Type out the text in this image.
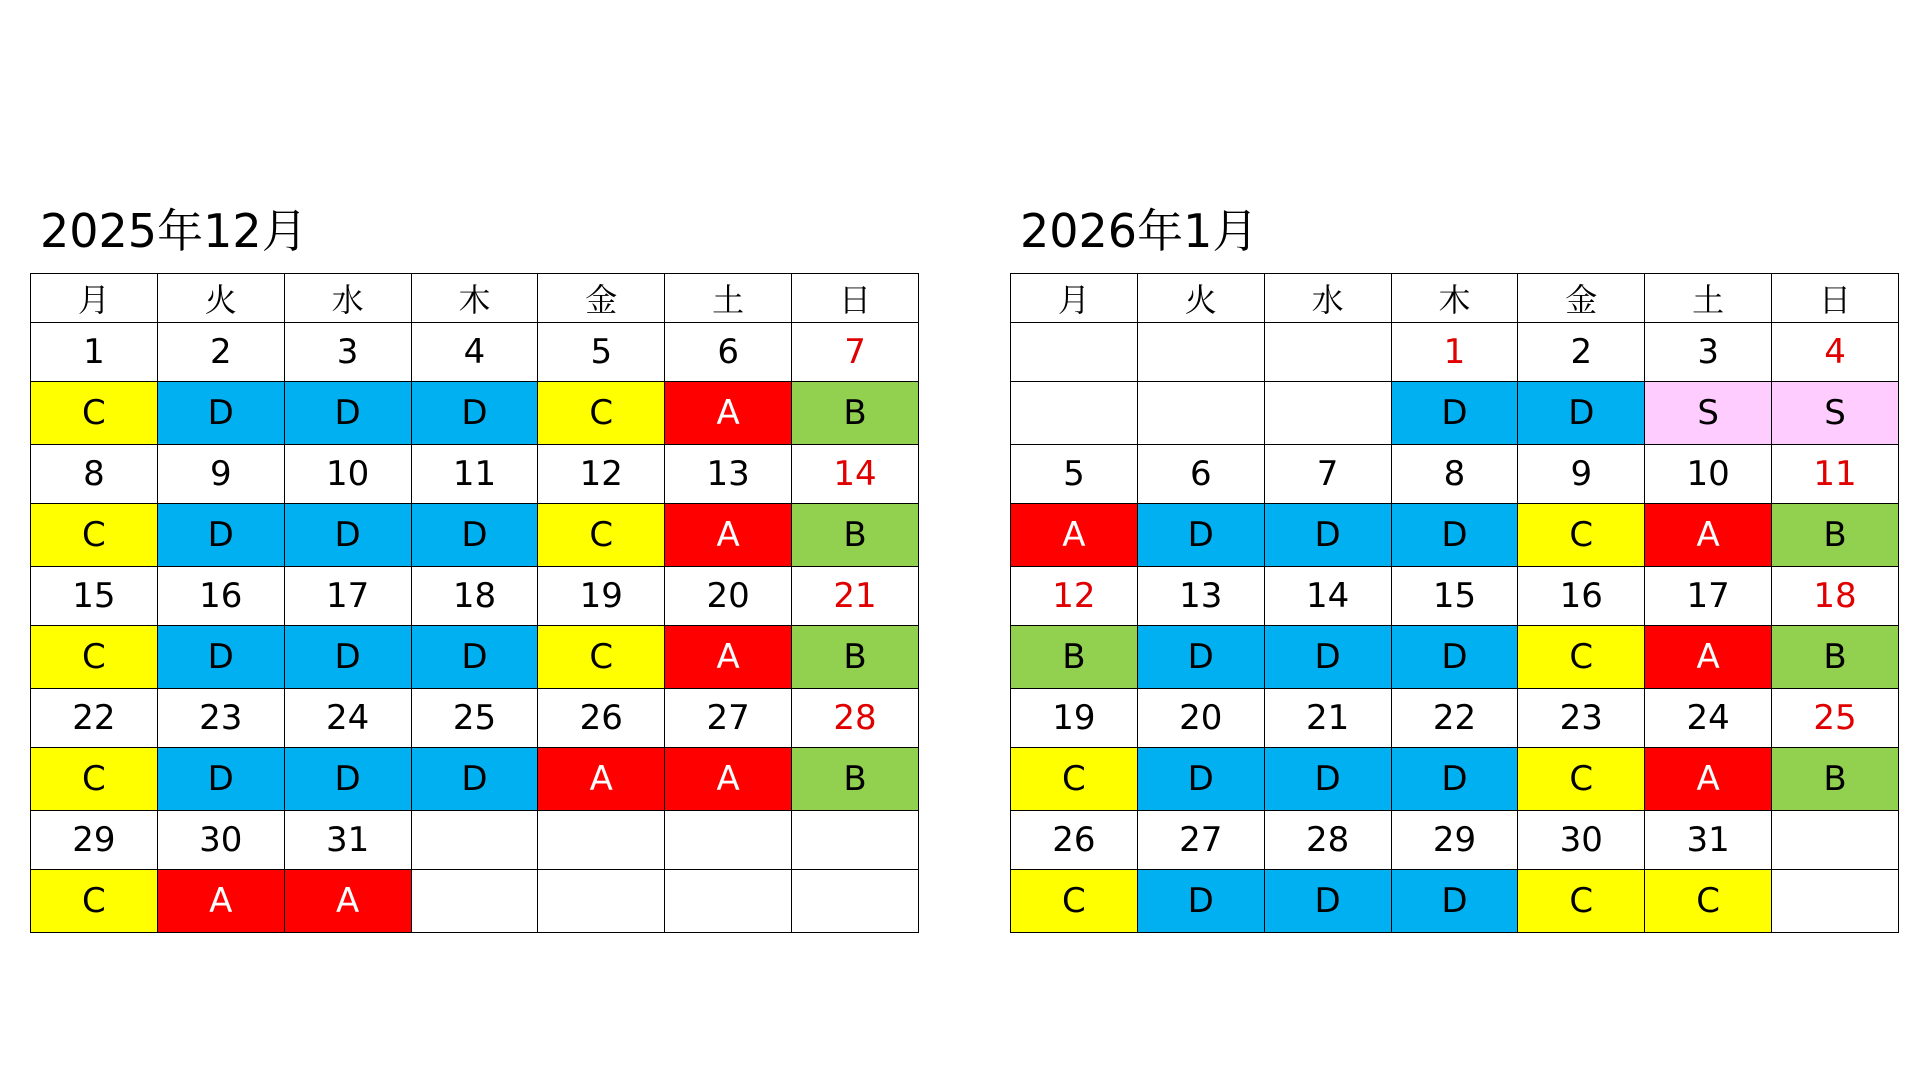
2025年12月
月	火	水	木	金	土	日
1	2	3	4	5	6	7
C	D	D	D	C	A	B
8	9	10	11	12	13	14
C	D	D	D	C	A	B
15	16	17	18	19	20	21
C	D	D	D	C	A	B
22	23	24	25	26	27	28
C	D	D	D	A	A	B
29	30	31				
C	A	A				
2026年1月
月	火	水	木	金	土	日
			1	2	3	4
			D	D	S	S
5	6	7	8	9	10	11
A	D	D	D	C	A	B
12	13	14	15	16	17	18
B	D	D	D	C	A	B
19	20	21	22	23	24	25
C	D	D	D	C	A	B
26	27	28	29	30	31	
C	D	D	D	C	C	
